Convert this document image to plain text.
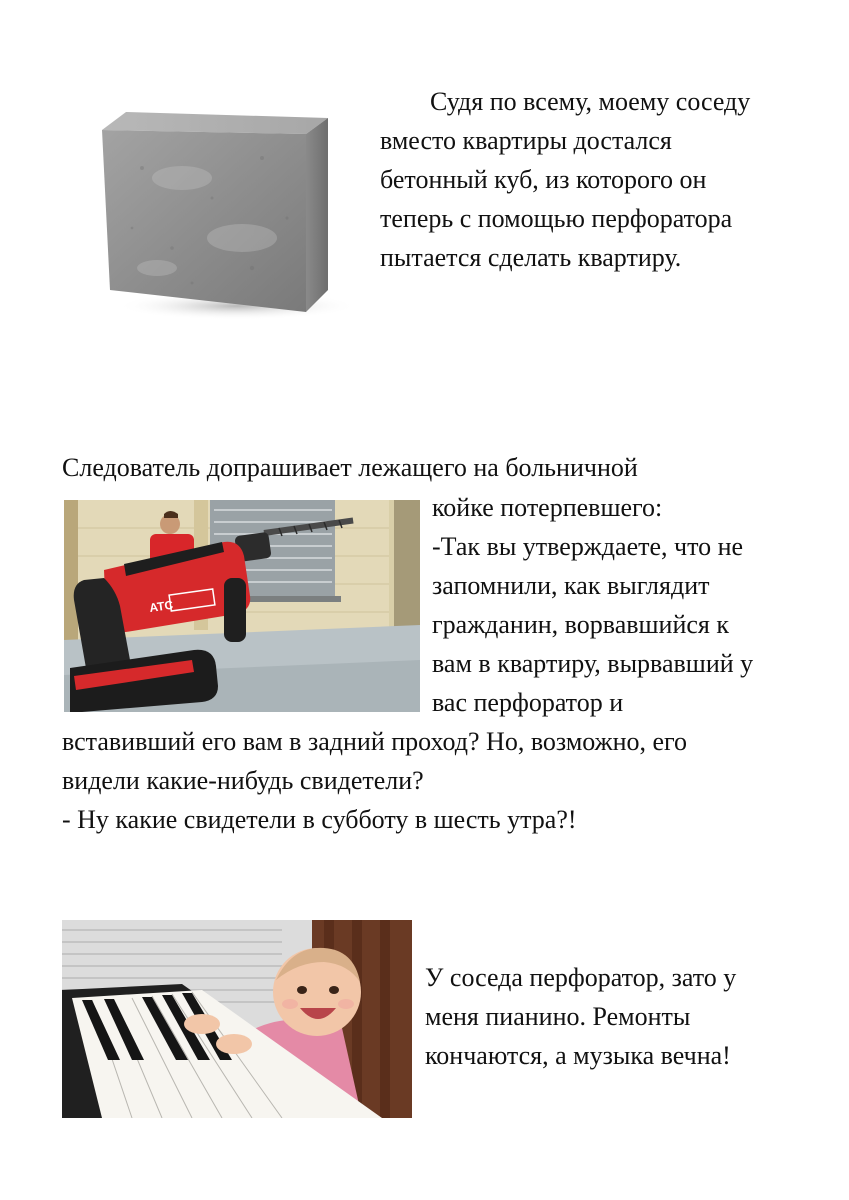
Судя по всему, моему соседу
вместо квартиры достался
бетонный куб, из которого он
теперь с помощью перфоратора
пытается сделать квартиру.
Следователь допрашивает лежащего на больничной
ATC
койке потерпевшего:
-Так вы утверждаете, что не
запомнили, как выглядит
гражданин, ворвавшийся к
вам в квартиру, вырвавший у
вас перфоратор и
вставивший его вам в задний проход? Но, возможно, его
видели какие-нибудь свидетели?
- Ну какие свидетели в субботу в шесть утра?!
У соседа перфоратор, зато у
меня пианино. Ремонты
кончаются, а музыка вечна!
